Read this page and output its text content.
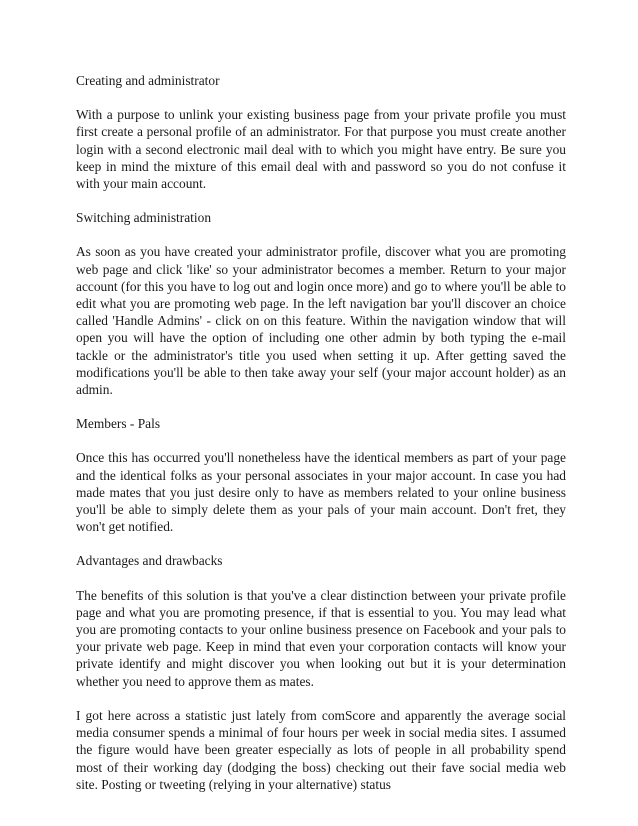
Creating and administrator

With a purpose to unlink your existing business page from your private profile you must first create a personal profile of an administrator. For that purpose you must create another login with a second electronic mail deal with to which you might have entry. Be sure you keep in mind the mixture of this email deal with and password so you do not confuse it with your main account.

Switching administration

As soon as you have created your administrator profile, discover what you are promoting web page and click 'like' so your administrator becomes a member. Return to your major account (for this you have to log out and login once more) and go to where you'll be able to edit what you are promoting web page. In the left navigation bar you'll discover an choice called 'Handle Admins' - click on on this feature. Within the navigation window that will open you will have the option of including one other admin by both typing the e-mail tackle or the administrator's title you used when setting it up. After getting saved the modifications you'll be able to then take away your self (your major account holder) as an admin.

Members - Pals

Once this has occurred you'll nonetheless have the identical members as part of your page and the identical folks as your personal associates in your major account. In case you had made mates that you just desire only to have as members related to your online business you'll be able to simply delete them as your pals of your main account. Don't fret, they won't get notified.

Advantages and drawbacks

The benefits of this solution is that you've a clear distinction between your private profile page and what you are promoting presence, if that is essential to you. You may lead what you are promoting contacts to your online business presence on Facebook and your pals to your private web page. Keep in mind that even your corporation contacts will know your private identify and might discover you when looking out but it is your determination whether you need to approve them as mates.

I got here across a statistic just lately from comScore and apparently the average social media consumer spends a minimal of four hours per week in social media sites. I assumed the figure would have been greater especially as lots of people in all probability spend most of their working day (dodging the boss) checking out their fave social media web site. Posting or tweeting (relying in your alternative) status
